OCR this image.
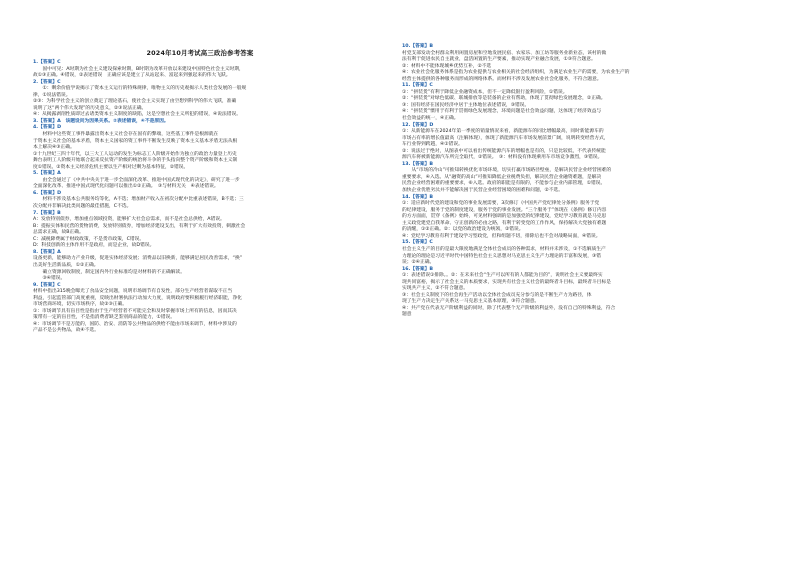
2024年10月考试高三政治参考答案

1.【答案】C

　　固中可见：A时期为社会主义建设探索时期，B时期为改革开放以来建设中国特色社会主义时期，

故①③正确。④错误，②表述错误　正确应该是建立了从站起来、富起来到强起来的伟大飞跃。

2.【答案】C

　　①：剩余价值学说揭示了资本主义运行的特殊规律，唯物主义的历史观揭示人类社会发展的一般规

律，①说法错误。

②③：为科学社会主义的创立奠定了理论基石，使社会主义实现了由空想到科学的伟大飞跃，准确

说明了这“两个伟大发现”的历史意义，②③说法正确。

④：从揭露剥削性质即过去诸类资本主义制度的缺陷，这是空想社会主义所犯的错误，④说法错误。

3.【答案】A　该题设问为因果关系。②表述错误，④不是原因。

4.【答案】D

　　材料中这些资工事件暴露出资本主义社会存在固有的弊端，这些基工事件是根源就在

于资本主义社会的基本矛盾，资本主义国家的资工事件不断发生反映了资本主义基本矛盾无法从根

本上解决④③正确。

①十九世纪三四十年代，以三大工人运动的发生为标志工人阶级开始作为独立的政治力量登上历史

舞台表明工人阶级开始联合起来反抗资产阶级的统治将斗争的手头指向整个资产阶级和资本主义制

度①错误。②资本主义经济危机主要以生产相对过剩为基本特征，②错误。

5.【答案】A

　　由全会通过了《中共中央关于进一步全面深化改革、推进中国式现代化的决定》，研究了进一步

全面深化改革、推进中国式现代化问题可以推出①②正确。　③与材料无关　④表述错误。

6.【答案】D

　　材料不涉及基本公共服务均等化，A不选；增加财产收入在初次分配中比重表述错误，B不选；三

次分配并非解决此类问题的最佳措施，C不选。

7.【答案】B

A：发放特别债券，增加重点领域投资，能够扩大社会总需求，而不是社会总供给，A错误。

B：提振实体和民营的货物消费，发放特别债券，增加经济建设支出，有利于扩大有效投资，刺激社会

总需求正确，故B正确。

C：减税降费属于财政政策，不是货币政策，C错误。

D：科技创新的主体作用不是政府，而是企业，故D错误。

8.【答案】A

设备更新，能够助力产业升级，促进实体经济发展；消费品以旧换新，能够满足居民改善需求，“换”

出美好生活新品质，①②正确。

　　确立资源回收制度，制定国内外行业标准均是对材料的不正确解读。

　　③④错误。

9.【答案】C

材料中指出315晚会曝光了食品安全问题，说明市场调节有自发性，部分生产经营者谋取不正当

利益，引起监管部门高度重视，反映出财署执法行动加大力度，说明政府要积极履行经济职能，净化

市场营商环境，切实市场秩序，故②③正确。

①：市场调节具有盲目性是指由于生产经营者不可能完全和及时掌握市场上所有的信息，因而其决

策带有一定的盲目性，不是指消费者缺乏鉴别商品的能力，①错误。

④：市场调节不是万能的，国防、治安、消防等公共物品的供给不能由市场来调节，材料中涉及的

产品不是公共物品，故④不选。

10.【答案】B

村党支部发动全村群众利用闲置房屋和空地发展民宿、农家乐、加工坊等服务业新业态，该村的做

法有利于促进农民自主就业，盘活闲置的生产要素，推动实现产业融合发展，①③符合题意。

②：材料中不能体现城乡优势互补，②不选

④：农业社会化服务体系是指为农业提供与农业相关的社会经济组织，为满足农业生产的需要，为农业生产的

经营主体提供的各种服务而形成的网络体系。而材料不涉及发展农业社会化服务，不符合题意。

11.【答案】C

①：“拼装货”有利于降低企业融资成本，但不一定降低银行盈利风险，①错误。

②：“拼装货”对绿色低碳、联城排放等是装备的企业有帮助，体现了贯彻绿色发展理念，②正确。

③：国有经济在国民经济中居于主体地位表述错误，③错误。

④：“拼装货”惯用于有利于贯彻绿色发展理念，环境问题是社会效益问题，这体现了经济效益与

社会效益的统一，④正确。

12.【答案】D

①：从新能源车在2024年第一季度的销量情况来看，新能源车的同比增幅最高，同时新能源车的

市场占有率的增长值最高（注解体现），体现了新能源汽车市场发展前景广阔，说明转变经营方式，

车行业得到跨越，④①错误。

②：说法过于绝对，从图表中可以看出传统能源汽车的增幅也是有的，只是比较低，不代表传统能

源汽车将被新能源汽车所完全取代，②错误。　③：材料没有体现乘用车市场竞争激烈，③错误。

13.【答案】B

　　从“市场的冷山”可推知转换优化市场环境，切实打赢市场路径壁垒，是解决民营企业经营困难的

重要要求，④入选。从“融资的高山”可推知降低企业税费负担，解决民营企业融资难题，是解决

民营企业经营困难的重要要求，⑥入选。政府的职能是有限的，不能参与企业内部管理，①错误。

加快企业优胜劣汰并不能解决困于民营企业经营困境的困难和问题，②不选。

14.【答案】B

①：适应新时代党的建设和党的事业发展需要，3次修订《中国共产党纪律处分条例》服务于党

的纪律建设，服务于党的制度建设，服务于党的事业发展。“三个服务于”体现在《条例》修订内容

的方方面面，贯穿《条例》始终，可见材料强调的是加强党的纪律建设，党纪学习教育就是马克思

主义政党建党自我革命、守正创新的必由之路，有利于转变党的工作作风，保持解决大党独有难题

的清醒，①②正确。②：以党的政治建设为统领，②错误。

④：党纪学习教育有利于建设学习型政党，但和组题不切，排除后也不会对战略局面，④错误。

15.【答案】C

社会主义生产的目的是最大限度地满足全体社会成员的各种需求，材料并未涉及，①不选解质生产

力理论的理论是习近平时代中国特色社会主义思想对马克思主义生产力理论的丰富和发展，③错

误；②④正确。

16.【答案】B

①：表述错误①排除。。②：在未来社会“生产可以所有的人都能为目的”，说明社会主义要最终实

现共同富裕，揭示了社会主义的本质要求，实现共有社会主义社会的最终者斗目标，最终者斗目标是

实现共产主义，②不符合题意。

③：社会主义制度下的社会再生产活动以全体社会成员充分参与的是不断生产力为路径，体

现了生产力决定生产关系这一马克思主义基本原理，③符合题意。

④：共产党在代表无产阶级利益的同时，除了代表整个无产阶级的利益外，没有自己的特殊利益，符合

题意
